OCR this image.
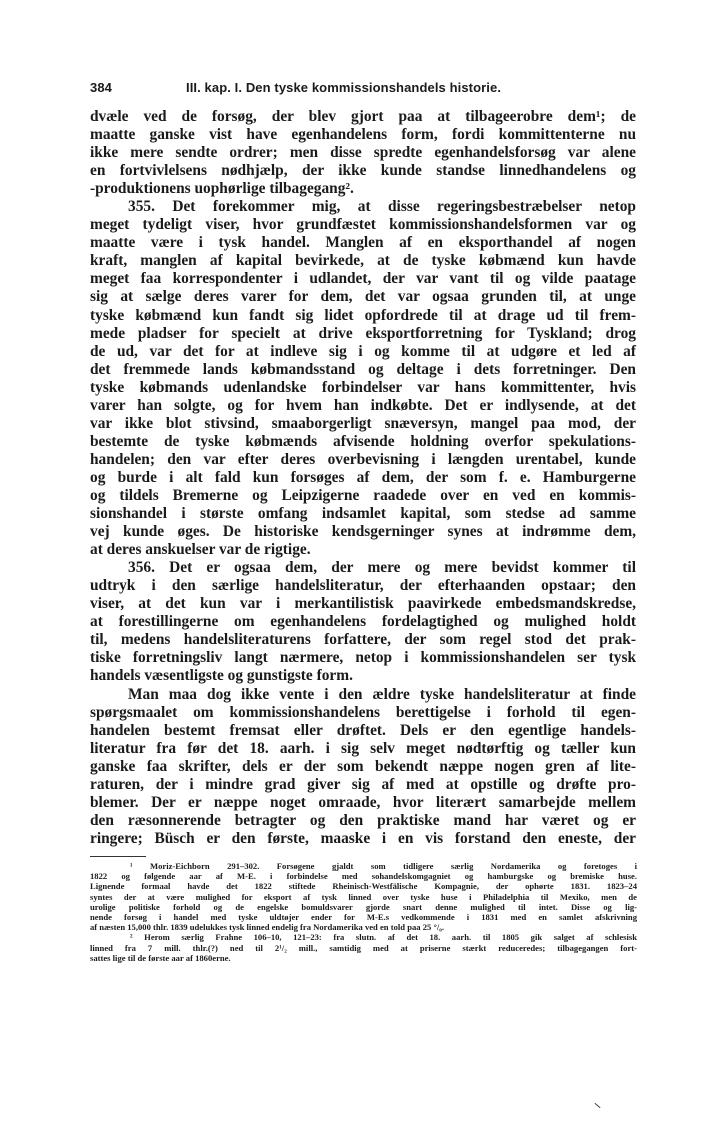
384	III. kap. I. Den tyske kommissionshandels historie.
dvæle ved de forsøg, der blev gjort paa at tilbageerobre dem¹; de
maatte ganske vist have egenhandelens form, fordi kommittenterne nu
ikke mere sendte ordrer; men disse spredte egenhandelsforsøg var alene
en fortvivlelsens nødhjælp, der ikke kunde standse linnedhandelens og
-produktionens uophørlige tilbagegang².
355. Det forekommer mig, at disse regeringsbestræbelser netop
meget tydeligt viser, hvor grundfæstet kommissionshandelsformen var og
maatte være i tysk handel. Manglen af en eksporthandel af nogen
kraft, manglen af kapital bevirkede, at de tyske købmænd kun havde
meget faa korrespondenter i udlandet, der var vant til og vilde paatage
sig at sælge deres varer for dem, det var ogsaa grunden til, at unge
tyske købmænd kun fandt sig lidet opfordrede til at drage ud til frem-
mede pladser for specielt at drive eksportforretning for Tyskland; drog
de ud, var det for at indleve sig i og komme til at udgøre et led af
det fremmede lands købmandsstand og deltage i dets forretninger. Den
tyske købmands udenlandske forbindelser var hans kommittenter, hvis
varer han solgte, og for hvem han indkøbte. Det er indlysende, at det
var ikke blot stivsind, smaaborgerligt snæversyn, mangel paa mod, der
bestemte de tyske købmænds afvisende holdning overfor spekulations-
handelen; den var efter deres overbevisning i længden urentabel, kunde
og burde i alt fald kun forsøges af dem, der som f. e. Hamburgerne
og tildels Bremerne og Leipzigerne raadede over en ved en kommis-
sionshandel i største omfang indsamlet kapital, som stedse ad samme
vej kunde øges. De historiske kendsgerninger synes at indrømme dem,
at deres anskuelser var de rigtige.
356. Det er ogsaa dem, der mere og mere bevidst kommer til
udtryk i den særlige handelsliteratur, der efterhaanden opstaar; den
viser, at det kun var i merkantilistisk paavirkede embedsmandskredse,
at forestillingerne om egenhandelens fordelagtighed og mulighed holdt
til, medens handelsliteraturens forfattere, der som regel stod det prak-
tiske forretningsliv langt nærmere, netop i kommissionshandelen ser tysk
handels væsentligste og gunstigste form.
Man maa dog ikke vente i den ældre tyske handelsliteratur at finde
spørgsmaalet om kommissionshandelens berettigelse i forhold til egen-
handelen bestemt fremsat eller drøftet. Dels er den egentlige handels-
literatur fra før det 18. aarh. i sig selv meget nødtørftig og tæller kun
ganske faa skrifter, dels er der som bekendt næppe nogen gren af lite-
raturen, der i mindre grad giver sig af med at opstille og drøfte pro-
blemer. Der er næppe noget omraade, hvor literært samarbejde mellem
den ræsonnerende betragter og den praktiske mand har været og er
ringere; Büsch er den første, maaske i en vis forstand den eneste, der
¹ Moriz-Eichborn 291–302. Forsøgene gjaldt som tidligere særlig Nordamerika og foretoges i
1822 og følgende aar af M-E. i forbindelse med sohandelskomgagniet og hamburgske og bremiske huse.
Lignende formaal havde det 1822 stiftede Rheinisch-Westfälische Kompagnie, der ophørte 1831. 1823–24
syntes der at være mulighed for eksport af tysk linned over tyske huse i Philadelphia til Mexiko, men de
urolige politiske forhold og de engelske bomuldsvarer gjorde snart denne mulighed til intet. Disse og lig-
nende forsøg i handel med tyske uldtøjer ender for M-E.s vedkommende i 1831 med en samlet afskrivning
af næsten 15,000 thlr. 1839 udelukkes tysk linned endelig fra Nordamerika ved en told paa 25 °/₀.
² Herom særlig Frahne 106–10, 121–23: fra slutn. af det 18. aarh. til 1805 gik salget af schlesisk
linned fra 7 mill. thlr.(?) ned til 2¹/₂ mill., samtidig med at priserne stærkt reduceredes; tilbagegangen fort-
sattes lige til de første aar af 1860erne.
